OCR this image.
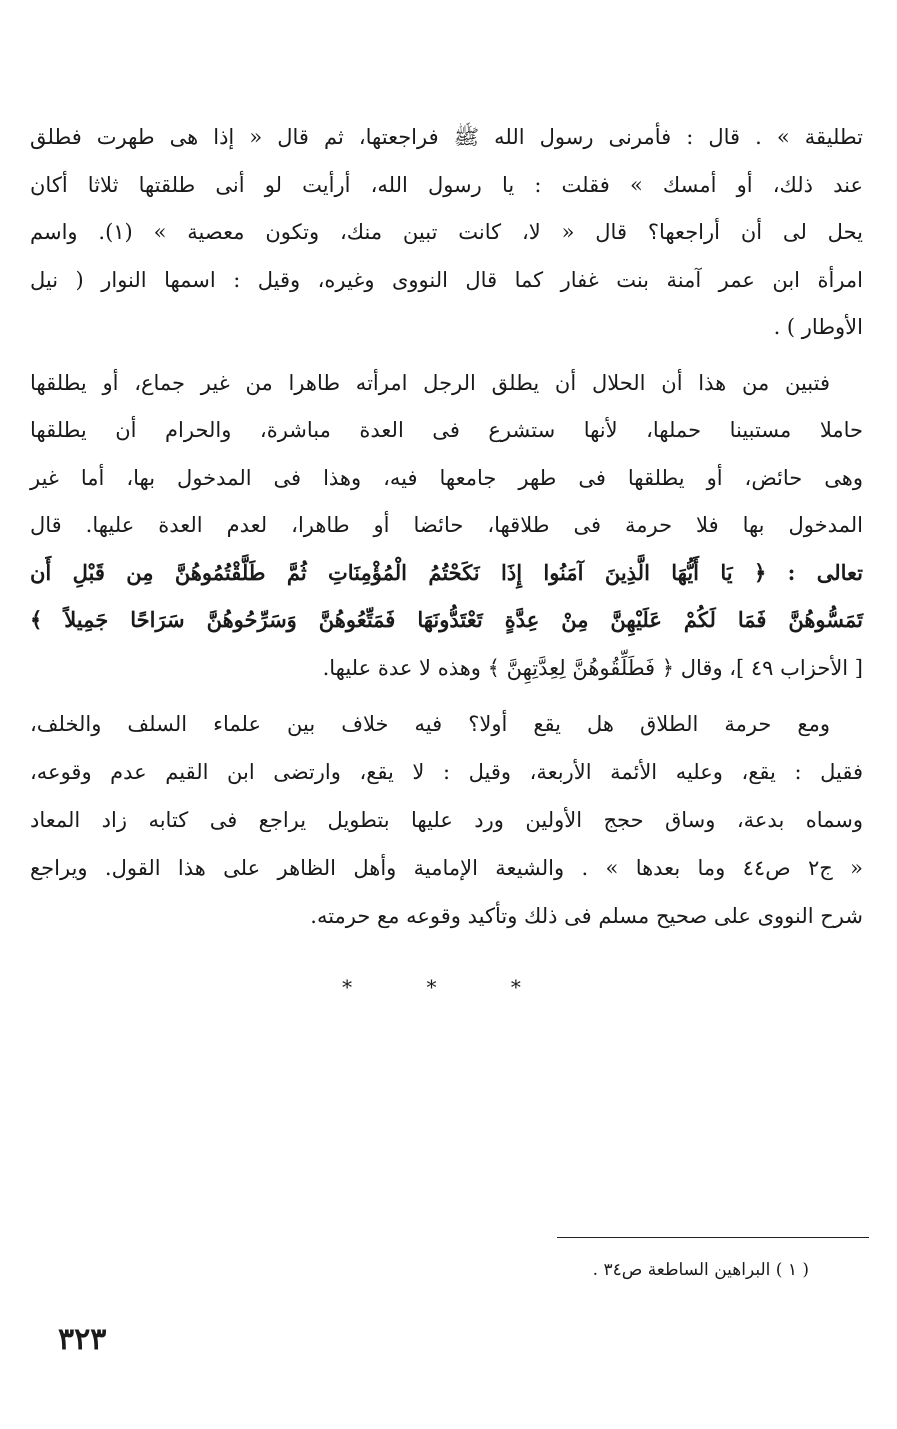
تطليقة » . قال : فأمرنى رسول الله ﷺ فراجعتها، ثم قال « إذا هى طهرت فطلق
عند ذلك، أو أمسك » فقلت : يا رسول الله، أرأيت لو أنى طلقتها ثلاثا أكان
يحل لى أن أراجعها؟ قال « لا، كانت تبين منك، وتكون معصية » (١). واسم
امرأة ابن عمر آمنة بنت غفار كما قال النووى وغيره، وقيل : اسمها النوار ( نيل
الأوطار ) .
فتبين من هذا أن الحلال أن يطلق الرجل امرأته طاهرا من غير جماع، أو يطلقها
حاملا مستبينا حملها، لأنها ستشرع فى العدة مباشرة، والحرام أن يطلقها
وهى حائض، أو يطلقها فى طهر جامعها فيه، وهذا فى المدخول بها، أما غير
المدخول بها فلا حرمة فى طلاقها، حائضا أو طاهرا، لعدم العدة عليها. قال
تعالى : ﴿ يَا أَيُّهَا الَّذِينَ آمَنُوا إِذَا نَكَحْتُمُ الْمُؤْمِنَاتِ ثُمَّ طَلَّقْتُمُوهُنَّ مِن قَبْلِ أَن
تَمَسُّوهُنَّ فَمَا لَكُمْ عَلَيْهِنَّ مِنْ عِدَّةٍ تَعْتَدُّونَهَا فَمَتِّعُوهُنَّ وَسَرِّحُوهُنَّ سَرَاحًا جَمِيلاً ﴾
[ الأحزاب ٤٩ ]، وقال ﴿ فَطَلِّقُوهُنَّ لِعِدَّتِهِنَّ ﴾ وهذه لا عدة عليها.
ومع حرمة الطلاق هل يقع أولا؟ فيه خلاف بين علماء السلف والخلف،
فقيل : يقع، وعليه الأئمة الأربعة، وقيل : لا يقع، وارتضى ابن القيم عدم وقوعه،
وسماه بدعة، وساق حجج الأولين ورد عليها بتطويل يراجع فى كتابه زاد المعاد
« ج٢ ص٤٤ وما بعدها » . والشيعة الإمامية وأهل الظاهر على هذا القول. ويراجع
شرح النووى على صحيح مسلم فى ذلك وتأكيد وقوعه مع حرمته.
* * *
( ١ ) البراهين الساطعة ص٣٤ .
٣٢٣
